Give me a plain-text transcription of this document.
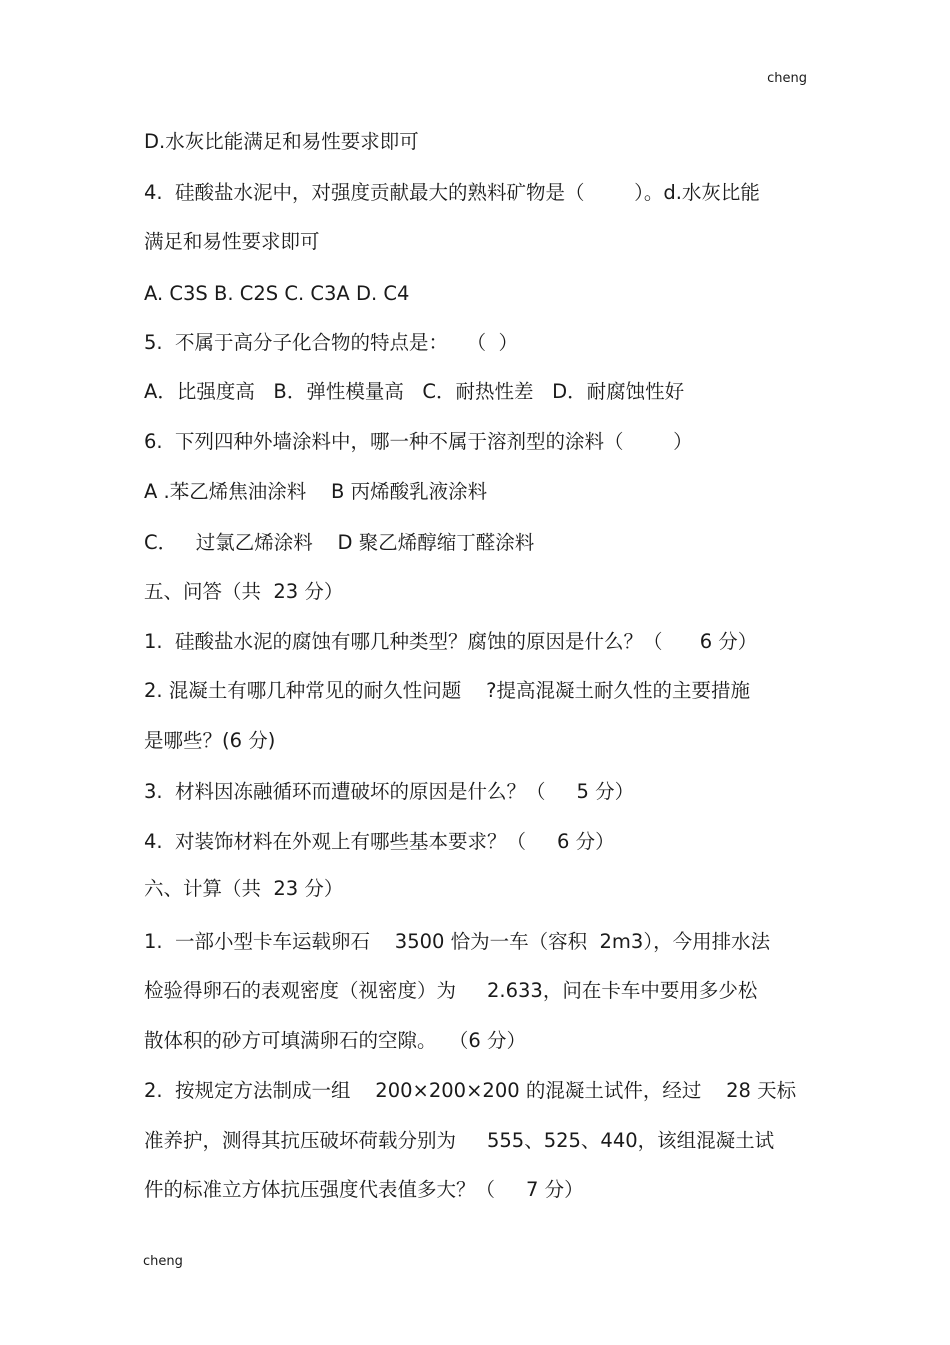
cheng
D.水灰比能满足和易性要求即可
4.  硅酸盐水泥中，对强度贡献最大的熟料矿物是（        ）。d.水灰比能
满足和易性要求即可
A. C3S B. C2S C. C3A D. C4
5.  不属于高分子化合物的特点是：   （  ）
A．比强度高   B．弹性模量高   C．耐热性差   D．耐腐蚀性好
6.  下列四种外墙涂料中，哪一种不属于溶剂型的涂料（        ）
A .苯乙烯焦油涂料    B 丙烯酸乳液涂料
C．   过氯乙烯涂料    D 聚乙烯醇缩丁醛涂料
五、问答（共  23 分）
1.  硅酸盐水泥的腐蚀有哪几种类型？腐蚀的原因是什么？（      6 分）
2. 混凝土有哪几种常见的耐久性问题    ?提高混凝土耐久性的主要措施
是哪些？(6 分)
3.  材料因冻融循环而遭破坏的原因是什么？（     5 分）
4.  对装饰材料在外观上有哪些基本要求？（     6 分）
六、计算（共  23 分）
1.  一部小型卡车运载卵石    3500 恰为一车（容积  2m3），今用排水法
检验得卵石的表观密度（视密度）为     2.633，问在卡车中要用多少松
散体积的砂方可填满卵石的空隙。  （6 分）
2.  按规定方法制成一组    200×200×200 的混凝土试件，经过    28 天标
准养护，测得其抗压破坏荷载分别为     555、525、440，该组混凝土试
件的标准立方体抗压强度代表值多大？（     7 分）
cheng
